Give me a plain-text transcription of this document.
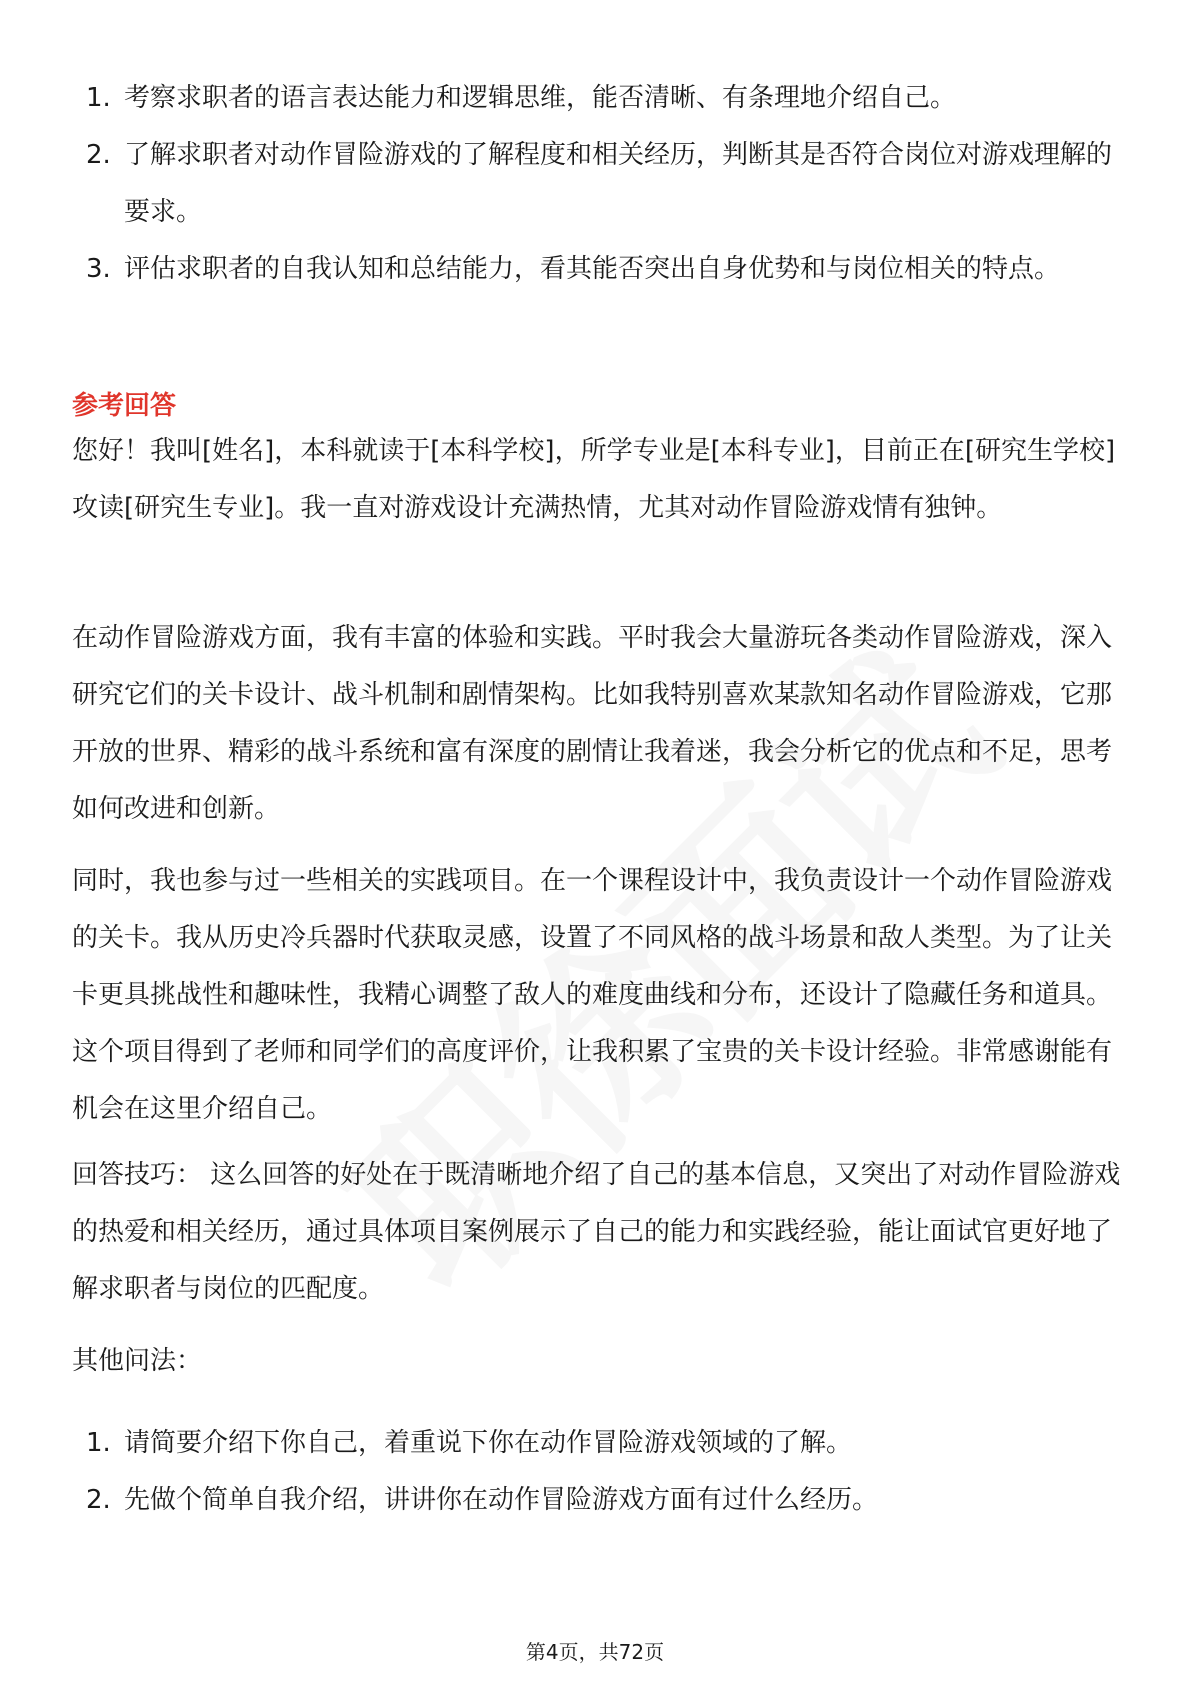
1. 考察求职者的语言表达能力和逻辑思维，能否清晰、有条理地介绍自己。
2. 了解求职者对动作冒险游戏的了解程度和相关经历，判断其是否符合岗位对游戏理解的要求。
3. 评估求职者的自我认知和总结能力，看其能否突出自身优势和与岗位相关的特点。
参考回答

您好！我叫[姓名]，本科就读于[本科学校]，所学专业是[本科专业]，目前正在[研究生学校]攻读[研究生专业]。我一直对游戏设计充满热情，尤其对动作冒险游戏情有独钟。

在动作冒险游戏方面，我有丰富的体验和实践。平时我会大量游玩各类动作冒险游戏，深入研究它们的关卡设计、战斗机制和剧情架构。比如我特别喜欢某款知名动作冒险游戏，它那开放的世界、精彩的战斗系统和富有深度的剧情让我着迷，我会分析它的优点和不足，思考如何改进和创新。

同时，我也参与过一些相关的实践项目。在一个课程设计中，我负责设计一个动作冒险游戏的关卡。我从历史冷兵器时代获取灵感，设置了不同风格的战斗场景和敌人类型。为了让关卡更具挑战性和趣味性，我精心调整了敌人的难度曲线和分布，还设计了隐藏任务和道具。这个项目得到了老师和同学们的高度评价，让我积累了宝贵的关卡设计经验。非常感谢能有机会在这里介绍自己。

回答技巧： 这么回答的好处在于既清晰地介绍了自己的基本信息，又突出了对动作冒险游戏的热爱和相关经历，通过具体项目案例展示了自己的能力和实践经验，能让面试官更好地了解求职者与岗位的匹配度。

其他问法：

1. 请简要介绍下你自己，着重说下你在动作冒险游戏领域的了解。
2. 先做个简单自我介绍，讲讲你在动作冒险游戏方面有过什么经历。
第4页，共72页
